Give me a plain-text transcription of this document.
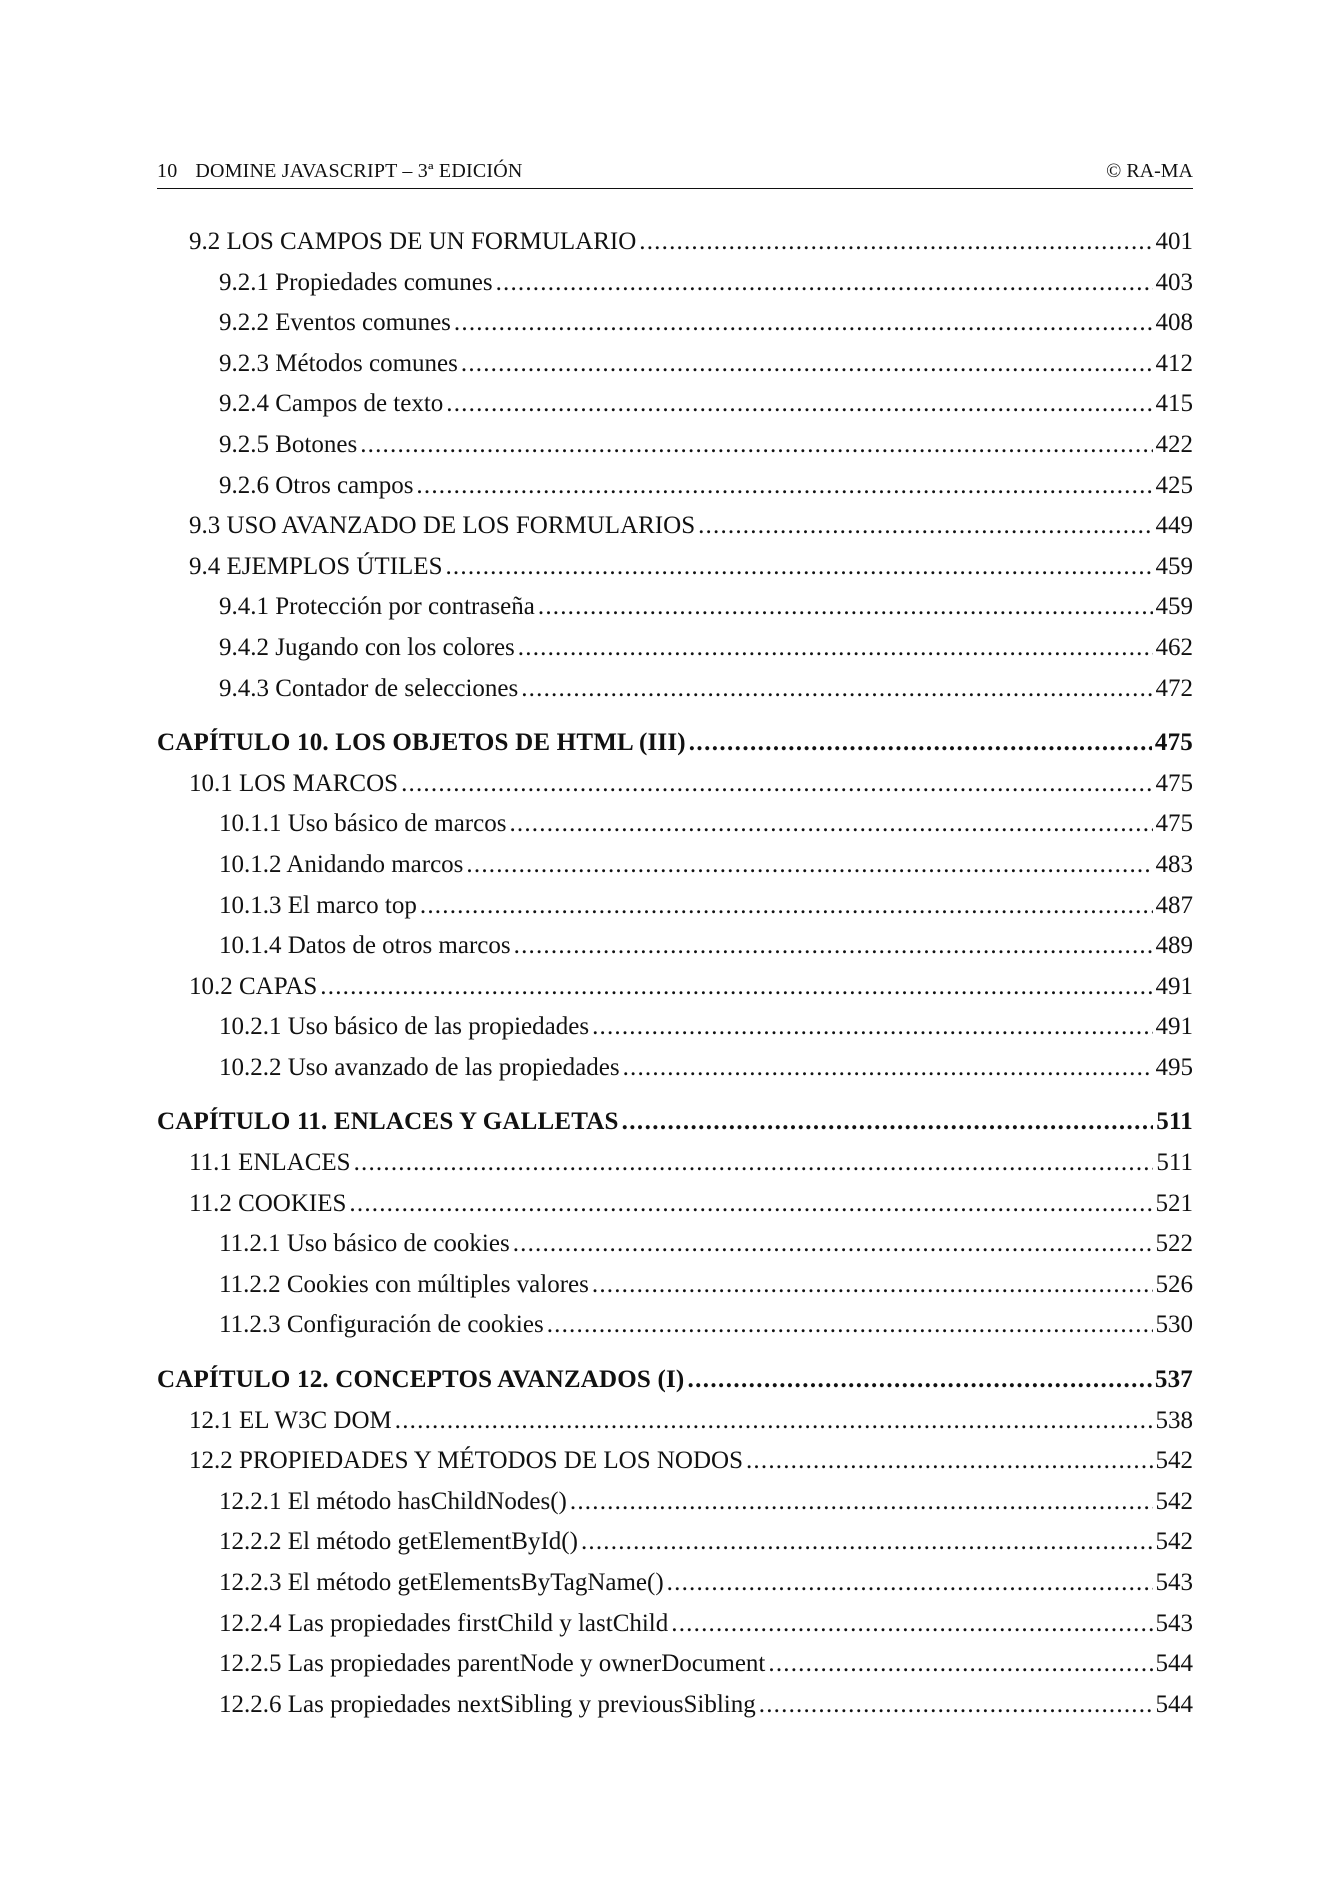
10 DOMINE JAVASCRIPT – 3ª EDICIÓN	© RA-MA
9.2 LOS CAMPOS DE UN FORMULARIO .....	401
9.2.1 Propiedades comunes .....	403
9.2.2 Eventos comunes .....	408
9.2.3 Métodos comunes .....	412
9.2.4 Campos de texto .....	415
9.2.5 Botones .....	422
9.2.6 Otros campos .....	425
9.3 USO AVANZADO DE LOS FORMULARIOS .....	449
9.4 EJEMPLOS ÚTILES .....	459
9.4.1 Protección por contraseña .....	459
9.4.2 Jugando con los colores .....	462
9.4.3 Contador de selecciones .....	472
CAPÍTULO 10. LOS OBJETOS DE HTML (III) .....	475
10.1 LOS MARCOS .....	475
10.1.1 Uso básico de marcos .....	475
10.1.2 Anidando marcos .....	483
10.1.3 El marco top .....	487
10.1.4 Datos de otros marcos .....	489
10.2 CAPAS .....	491
10.2.1 Uso básico de las propiedades .....	491
10.2.2 Uso avanzado de las propiedades .....	495
CAPÍTULO 11. ENLACES Y GALLETAS .....	511
11.1 ENLACES .....	511
11.2 COOKIES .....	521
11.2.1 Uso básico de cookies .....	522
11.2.2 Cookies con múltiples valores .....	526
11.2.3 Configuración de cookies .....	530
CAPÍTULO 12. CONCEPTOS AVANZADOS (I) .....	537
12.1 EL W3C DOM .....	538
12.2 PROPIEDADES Y MÉTODOS DE LOS NODOS .....	542
12.2.1 El método hasChildNodes() .....	542
12.2.2 El método getElementById() .....	542
12.2.3 El método getElementsByTagName() .....	543
12.2.4 Las propiedades firstChild y lastChild .....	543
12.2.5 Las propiedades parentNode y ownerDocument .....	544
12.2.6 Las propiedades nextSibling y previousSibling .....	544
